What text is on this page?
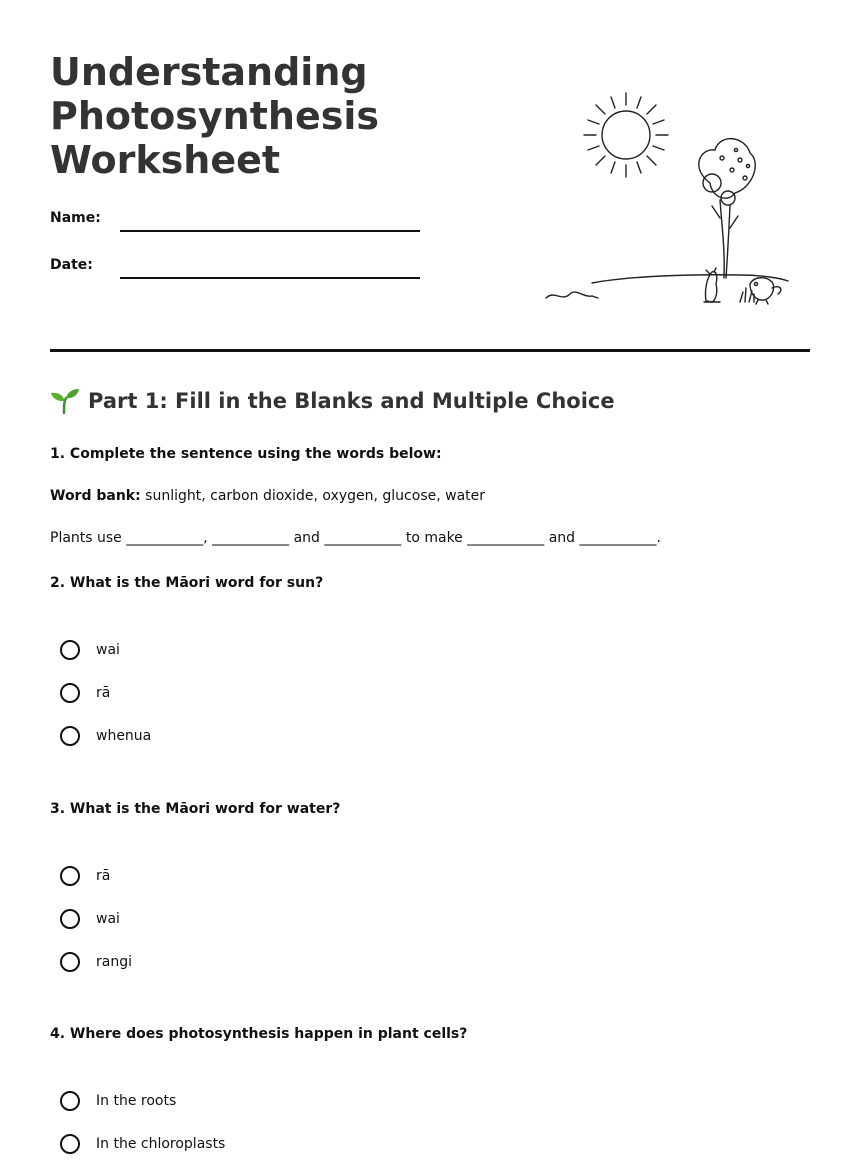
Understanding
Photosynthesis
Worksheet
Name:
Date:
Part 1: Fill in the Blanks and Multiple Choice

1. Complete the sentence using the words below:

Word bank: sunlight, carbon dioxide, oxygen, glucose, water

Plants use ___________, ___________ and ___________ to make ___________ and ___________.

2. What is the Māori word for sun?

wai
rā
whenua

3. What is the Māori word for water?

rā
wai
rangi

4. Where does photosynthesis happen in plant cells?

In the roots
In the chloroplasts
